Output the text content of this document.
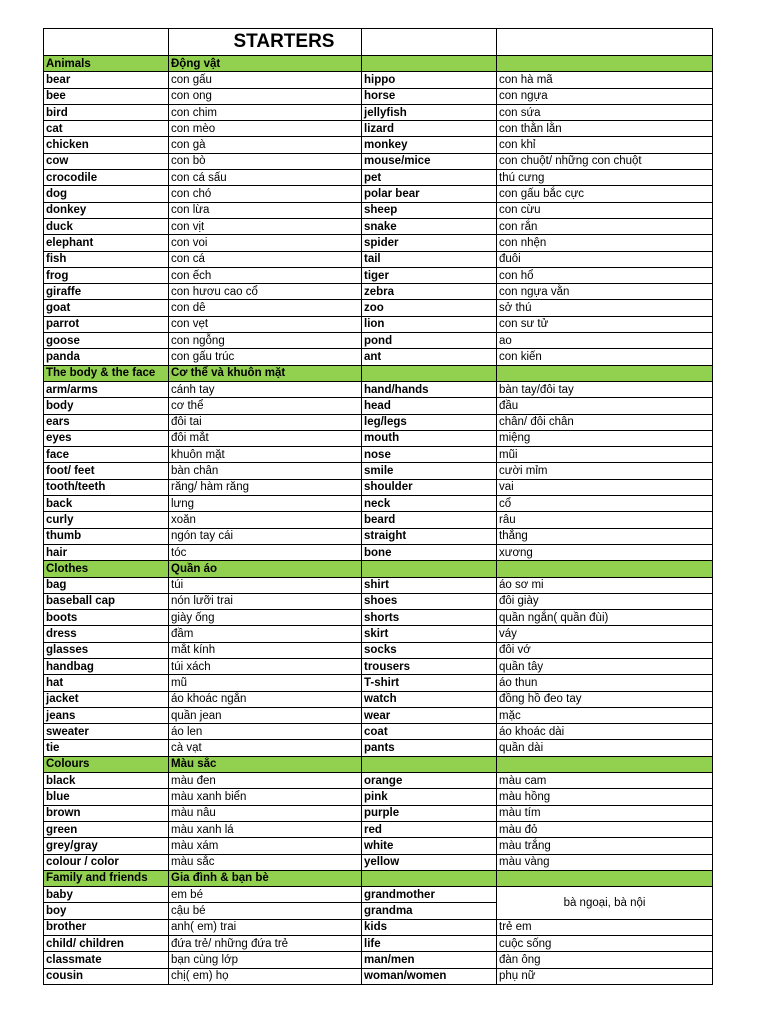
	STARTERS		
Animals	Động vật		
bear	con gấu	hippo	con hà mã
bee	con ong	horse	con ngựa
bird	con chim	jellyfish	con sứa
cat	con mèo	lizard	con thằn lằn
chicken	con gà	monkey	con khỉ
cow	con bò	mouse/mice	con chuột/ những con chuột
crocodile	con cá sấu	pet	thú cưng
dog	con chó	polar bear	con gấu bắc cực
donkey	con lừa	sheep	con cừu
duck	con vịt	snake	con rắn
elephant	con voi	spider	con nhện
fish	con cá	tail	đuôi
frog	con ếch	tiger	con hổ
giraffe	con hươu cao cổ	zebra	con ngựa vằn
goat	con dê	zoo	sở thú
parrot	con vẹt	lion	con sư tử
goose	con ngỗng	pond	ao
panda	con gấu trúc	ant	con kiến
The body & the face	Cơ thể và khuôn mặt		
arm/arms	cánh tay	hand/hands	bàn tay/đôi tay
body	cơ thể	head	đầu
ears	đôi tai	leg/legs	chân/ đôi chân
eyes	đôi mắt	mouth	miệng
face	khuôn mặt	nose	mũi
foot/ feet	bàn chân	smile	cười mỉm
tooth/teeth	răng/ hàm răng	shoulder	vai
back	lưng	neck	cổ
curly	xoăn	beard	râu
thumb	ngón tay cái	straight	thẳng
hair	tóc	bone	xương
Clothes	Quần áo		
bag	túi	shirt	áo sơ mi
baseball cap	nón lưỡi trai	shoes	đôi giày
boots	giày ống	shorts	quần ngắn( quần đùi)
dress	đầm	skirt	váy
glasses	mắt kính	socks	đôi vớ
handbag	túi xách	trousers	quần tây
hat	mũ	T-shirt	áo thun
jacket	áo khoác ngắn	watch	đồng hồ đeo tay
jeans	quần jean	wear	mặc
sweater	áo len	coat	áo khoác dài
tie	cà vạt	pants	quần dài
Colours	Màu sắc		
black	màu đen	orange	màu cam
blue	màu xanh biển	pink	màu hồng
brown	màu nâu	purple	màu tím
green	màu xanh lá	red	màu đỏ
grey/gray	màu xám	white	màu trắng
colour / color	màu sắc	yellow	màu vàng
Family and friends	Gia đình & bạn bè		
baby	em bé	grandmother	bà ngoại, bà nội
boy	cậu bé	grandma	
brother	anh( em) trai	kids	trẻ em
child/ children	đứa trẻ/ những đứa trẻ	life	cuộc sống
classmate	bạn cùng lớp	man/men	đàn ông
cousin	chị( em) họ	woman/women	phụ nữ
